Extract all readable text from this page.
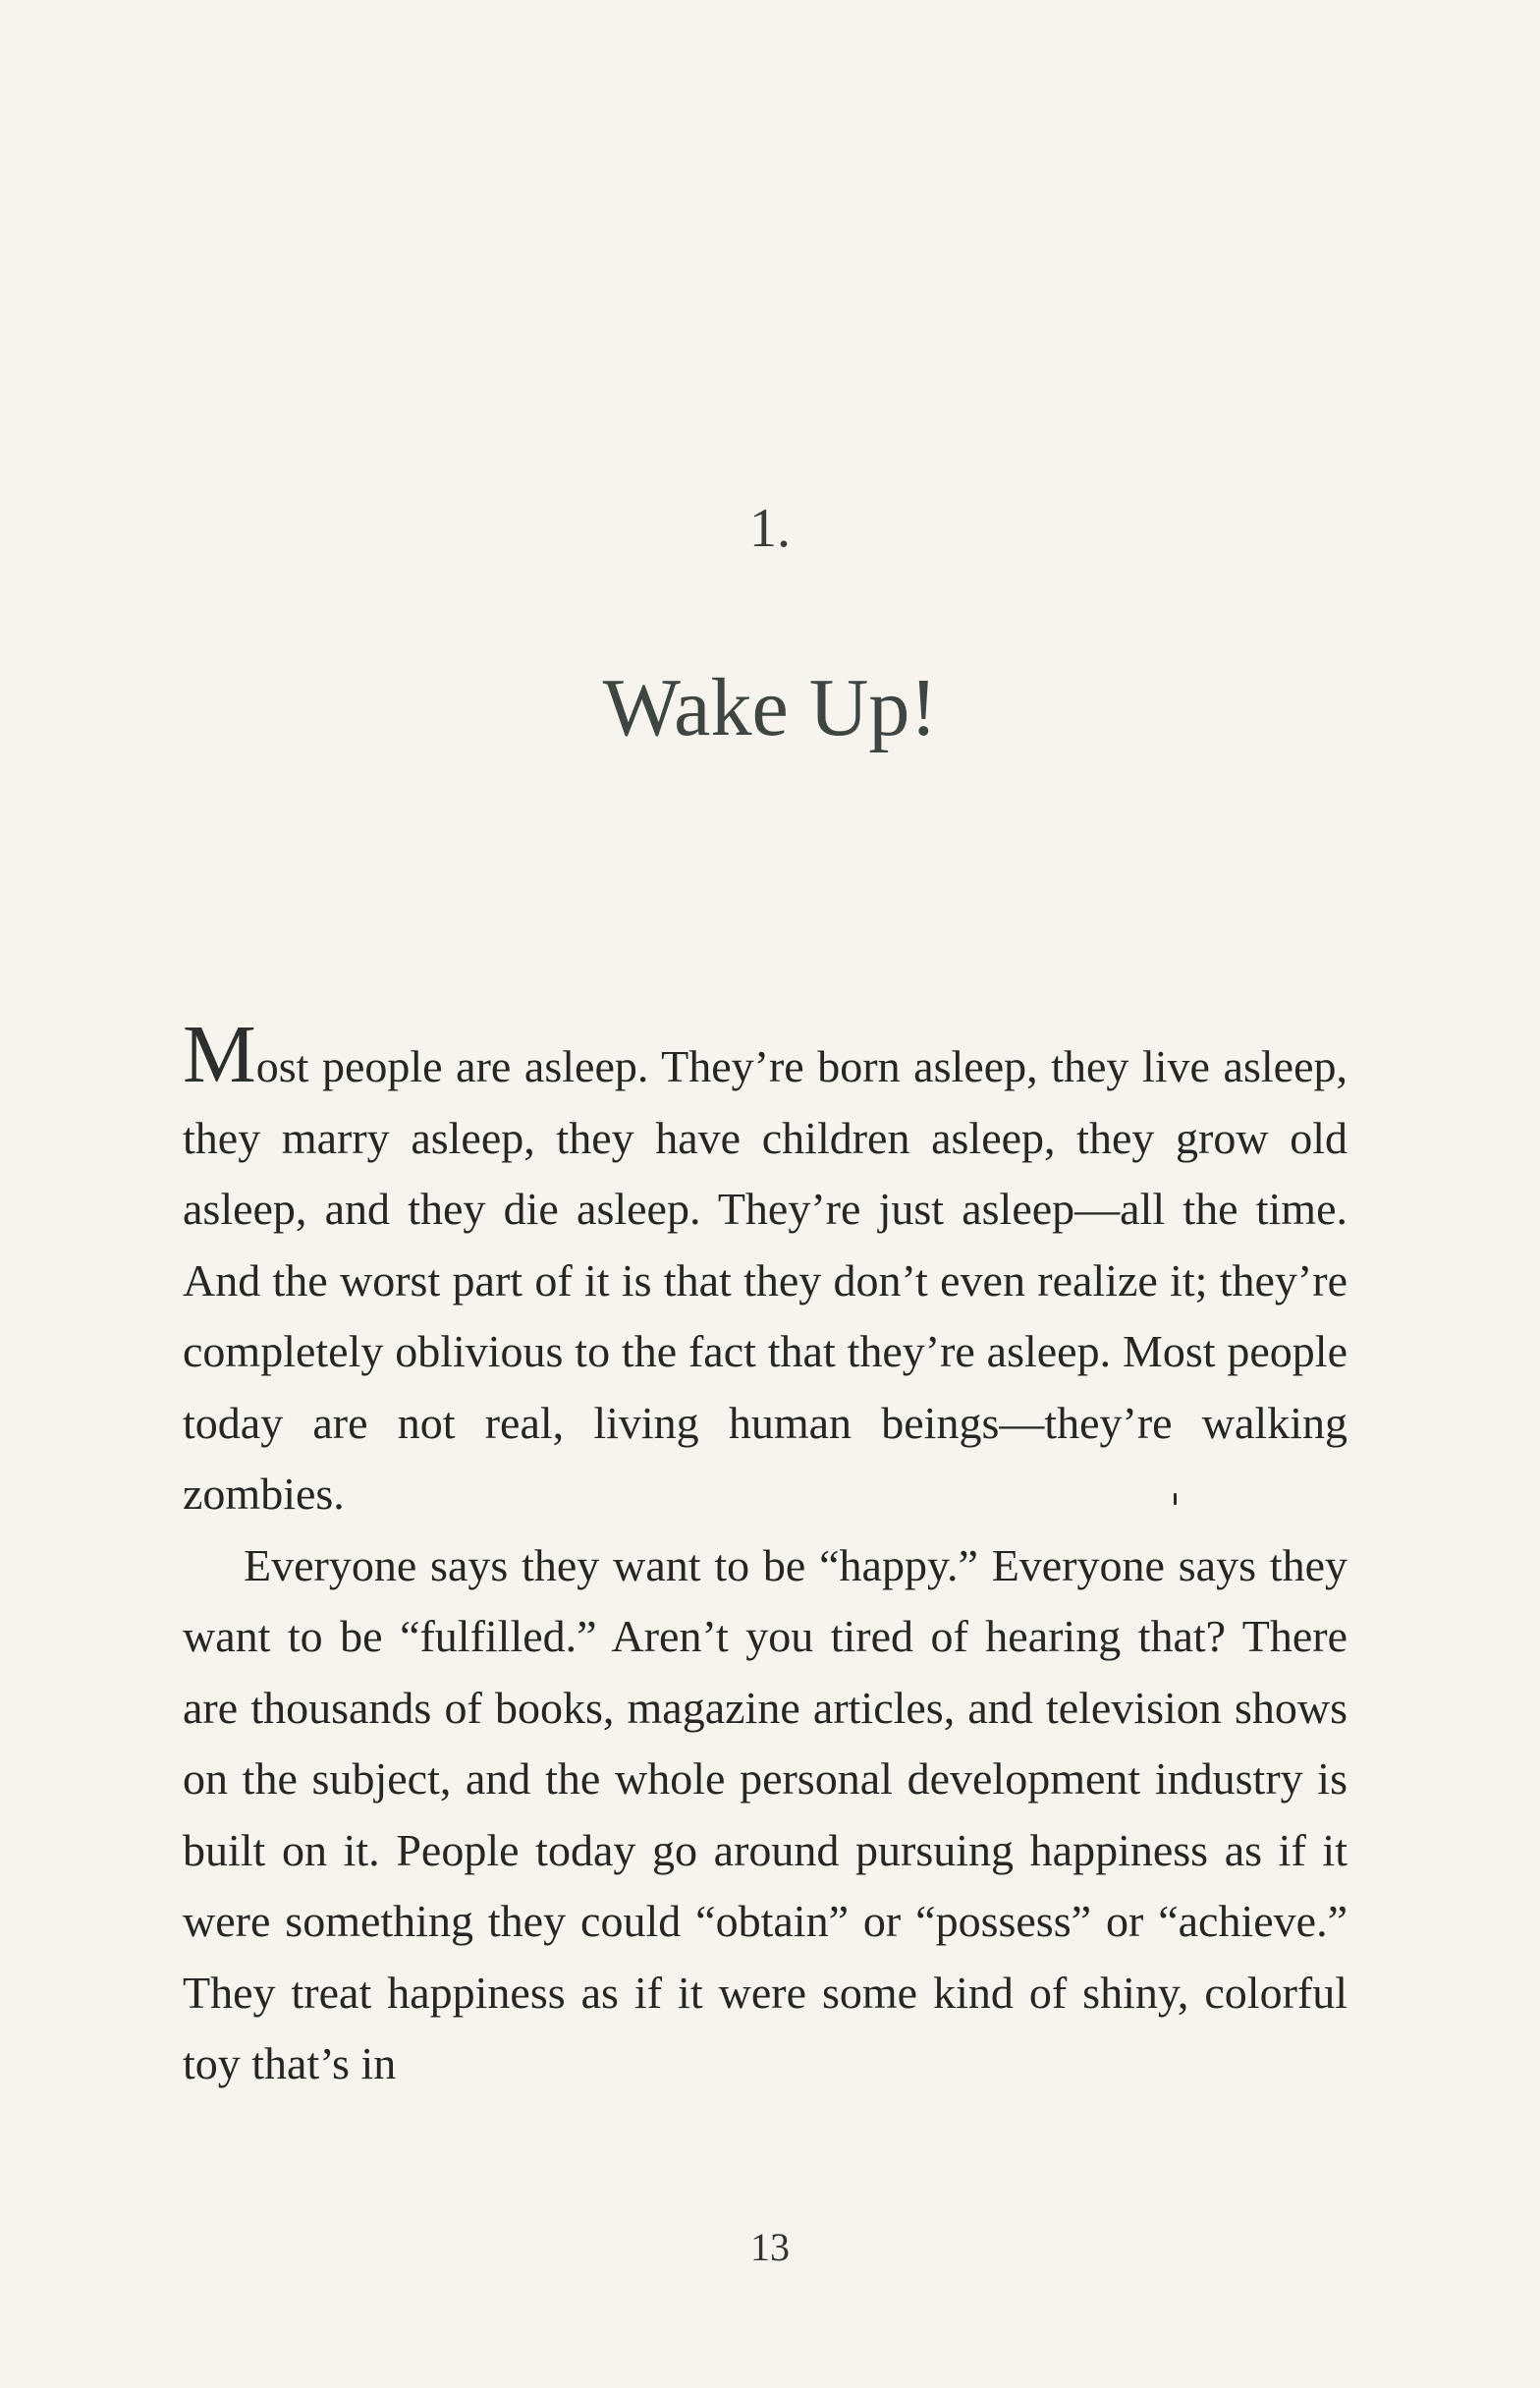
1.
Wake Up!

Most people are asleep. They’re born asleep, they live asleep, they marry asleep, they have children asleep, they grow old asleep, and they die asleep. They’re just asleep—all the time. And the worst part of it is that they don’t even realize it; they’re completely oblivious to the fact that they’re asleep. Most people today are not real, living human beings—they’re walking zombies.

Everyone says they want to be “happy.” Everyone says they want to be “fulfilled.” Aren’t you tired of hearing that? There are thousands of books, magazine articles, and television shows on the subject, and the whole personal development industry is built on it. People today go around pursuing happiness as if it were something they could “obtain” or “possess” or “achieve.” They treat happiness as if it were some kind of shiny, colorful toy that’s in

13
